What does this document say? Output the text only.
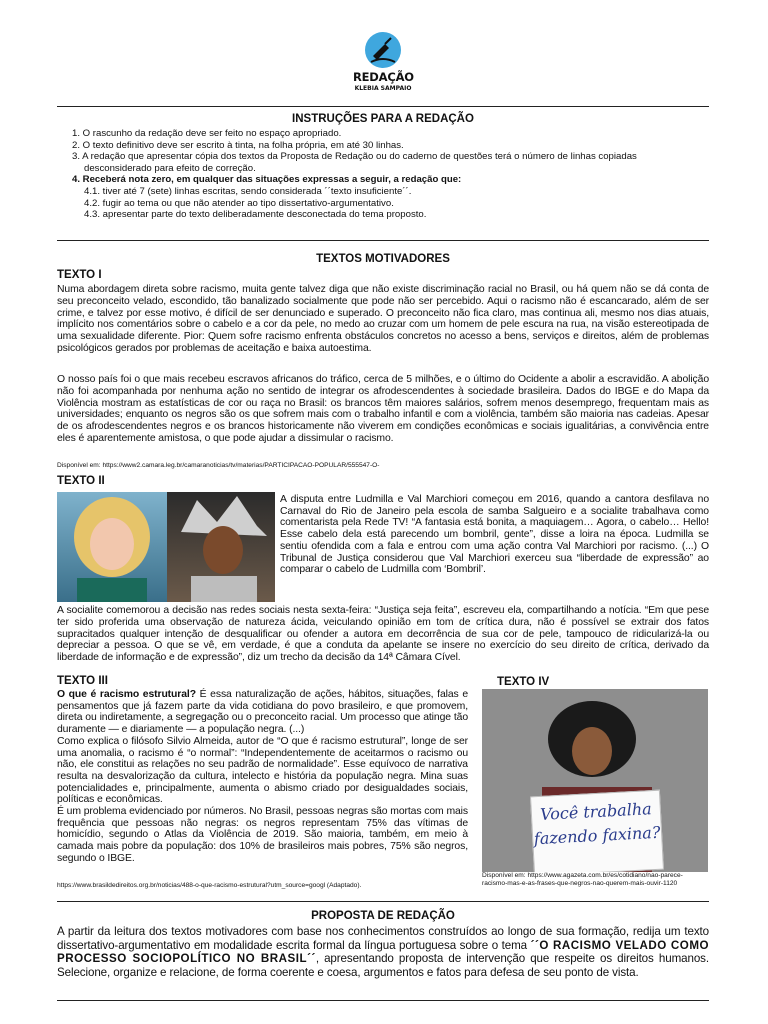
REDAÇÃO
KLEBIA SAMPAIO
INSTRUÇÕES PARA A REDAÇÃO
1. O rascunho da redação deve ser feito no espaço apropriado.
2. O texto definitivo deve ser escrito à tinta, na folha própria, em até 30 linhas.
3. A redação que apresentar cópia dos textos da Proposta de Redação ou do caderno de questões terá o número de linhas copiadas
desconsiderado para efeito de correção.
4. Receberá nota zero, em qualquer das situações expressas a seguir, a redação que:
4.1. tiver até 7 (sete) linhas escritas, sendo considerada ´´texto insuficiente´´.
4.2. fugir ao tema ou que não atender ao tipo dissertativo-argumentativo.
4.3. apresentar parte do texto deliberadamente desconectada do tema proposto.
TEXTOS MOTIVADORES
TEXTO I
Numa abordagem direta sobre racismo, muita gente talvez diga que não existe discriminação racial no Brasil, ou há quem não se dá conta de seu preconceito velado, escondido, tão banalizado socialmente que pode não ser percebido. Aqui o racismo não é escancarado, além de ser crime, e talvez por esse motivo, é difícil de ser denunciado e superado. O preconceito não fica claro, mas continua ali, mesmo nos dias atuais, implícito nos comentários sobre o cabelo e a cor da pele, no medo ao cruzar com um homem de pele escura na rua, na visão estereotipada de uma sexualidade diferente. Pior: Quem sofre racismo enfrenta obstáculos concretos no acesso a bens, serviços e direitos, além de problemas psicológicos gerados por problemas de aceitação e baixa autoestima.
O nosso país foi o que mais recebeu escravos africanos do tráfico, cerca de 5 milhões, e o último do Ocidente a abolir a escravidão. A abolição não foi acompanhada por nenhuma ação no sentido de integrar os afrodescendentes à sociedade brasileira. Dados do IBGE e do Mapa da Violência mostram as estatísticas de cor ou raça no Brasil: os brancos têm maiores salários, sofrem menos desemprego, frequentam mais as universidades; enquanto os negros são os que sofrem mais com o trabalho infantil e com a violência, também são maioria nas cadeias. Apesar de os afrodescendentes negros e os brancos historicamente não viverem em condições econômicas e sociais igualitárias, a convivência entre eles é aparentemente amistosa, o que pode ajudar a dissimular o racismo.
Disponível em: https://www2.camara.leg.br/camaranoticias/tv/materias/PARTICIPACAO-POPULAR/555547-O-
TEXTO II
A disputa entre Ludmilla e Val Marchiori começou em 2016, quando a cantora desfilava no Carnaval do Rio de Janeiro pela escola de samba Salgueiro e a socialite trabalhava como comentarista pela Rede TV! “A fantasia está bonita, a maquiagem… Agora, o cabelo… Hello! Esse cabelo dela está parecendo um bombril, gente”, disse a loira na época. Ludmilla se sentiu ofendida com a fala e entrou com uma ação contra Val Marchiori por racismo. (...) O Tribunal de Justiça considerou que Val Marchiori exerceu sua “liberdade de expressão” ao comparar o cabelo de Ludmilla com ‘Bombril’.
A socialite comemorou a decisão nas redes sociais nesta sexta-feira: “Justiça seja feita”, escreveu ela, compartilhando a notícia. “Em que pese ter sido proferida uma observação de natureza ácida, veiculando opinião em tom de crítica dura, não é possível se extrair dos fatos supracitados qualquer intenção de desqualificar ou ofender a autora em decorrência de sua cor de pele, tampouco de ridicularizá-la ou depreciar a pessoa. O que se vê, em verdade, é que a conduta da apelante se insere no exercício do seu direito de crítica, derivado da liberdade de informação e de expressão”, diz um trecho da decisão da 14ª Câmara Cível.
TEXTO III
O que é racismo estrutural? É essa naturalização de ações, hábitos, situações, falas e pensamentos que já fazem parte da vida cotidiana do povo brasileiro, e que promovem, direta ou indiretamente, a segregação ou o preconceito racial. Um processo que atinge tão duramente — e diariamente — a população negra. (...)
Como explica o filósofo Silvio Almeida, autor de “O que é racismo estrutural”, longe de ser uma anomalia, o racismo é “o normal”: “Independentemente de aceitarmos o racismo ou não, ele constitui as relações no seu padrão de normalidade”. Esse equívoco de narrativa resulta na desvalorização da cultura, intelecto e história da população negra. Mina suas potencialidades e, principalmente, aumenta o abismo criado por desigualdades sociais, políticas e econômicas.
É um problema evidenciado por números. No Brasil, pessoas negras são mortas com mais frequência que pessoas não negras: os negros representam 75% das vítimas de homicídio, segundo o Atlas da Violência de 2019. São maioria, também, em meio à camada mais pobre da população: dos 10% de brasileiros mais pobres, 75% são negros, segundo o IBGE.
https://www.brasildedireitos.org.br/noticias/488-o-que-racismo-estrutural?utm_source=googl (Adaptado).
TEXTO IV
Você trabalha fazendo faxina?
Disponível em: https://www.agazeta.com.br/es/cotidiano/nao-parece-racismo-mas-e-as-frases-que-negros-nao-querem-mais-ouvir-1120
PROPOSTA DE REDAÇÃO
A partir da leitura dos textos motivadores com base nos conhecimentos construídos ao longo de sua formação, redija um texto dissertativo-argumentativo em modalidade escrita formal da língua portuguesa sobre o tema ´´O RACISMO VELADO COMO PROCESSO SOCIOPOLÍTICO NO BRASIL´´, apresentando proposta de intervenção que respeite os direitos humanos. Selecione, organize e relacione, de forma coerente e coesa, argumentos e fatos para defesa de seu ponto de vista.
